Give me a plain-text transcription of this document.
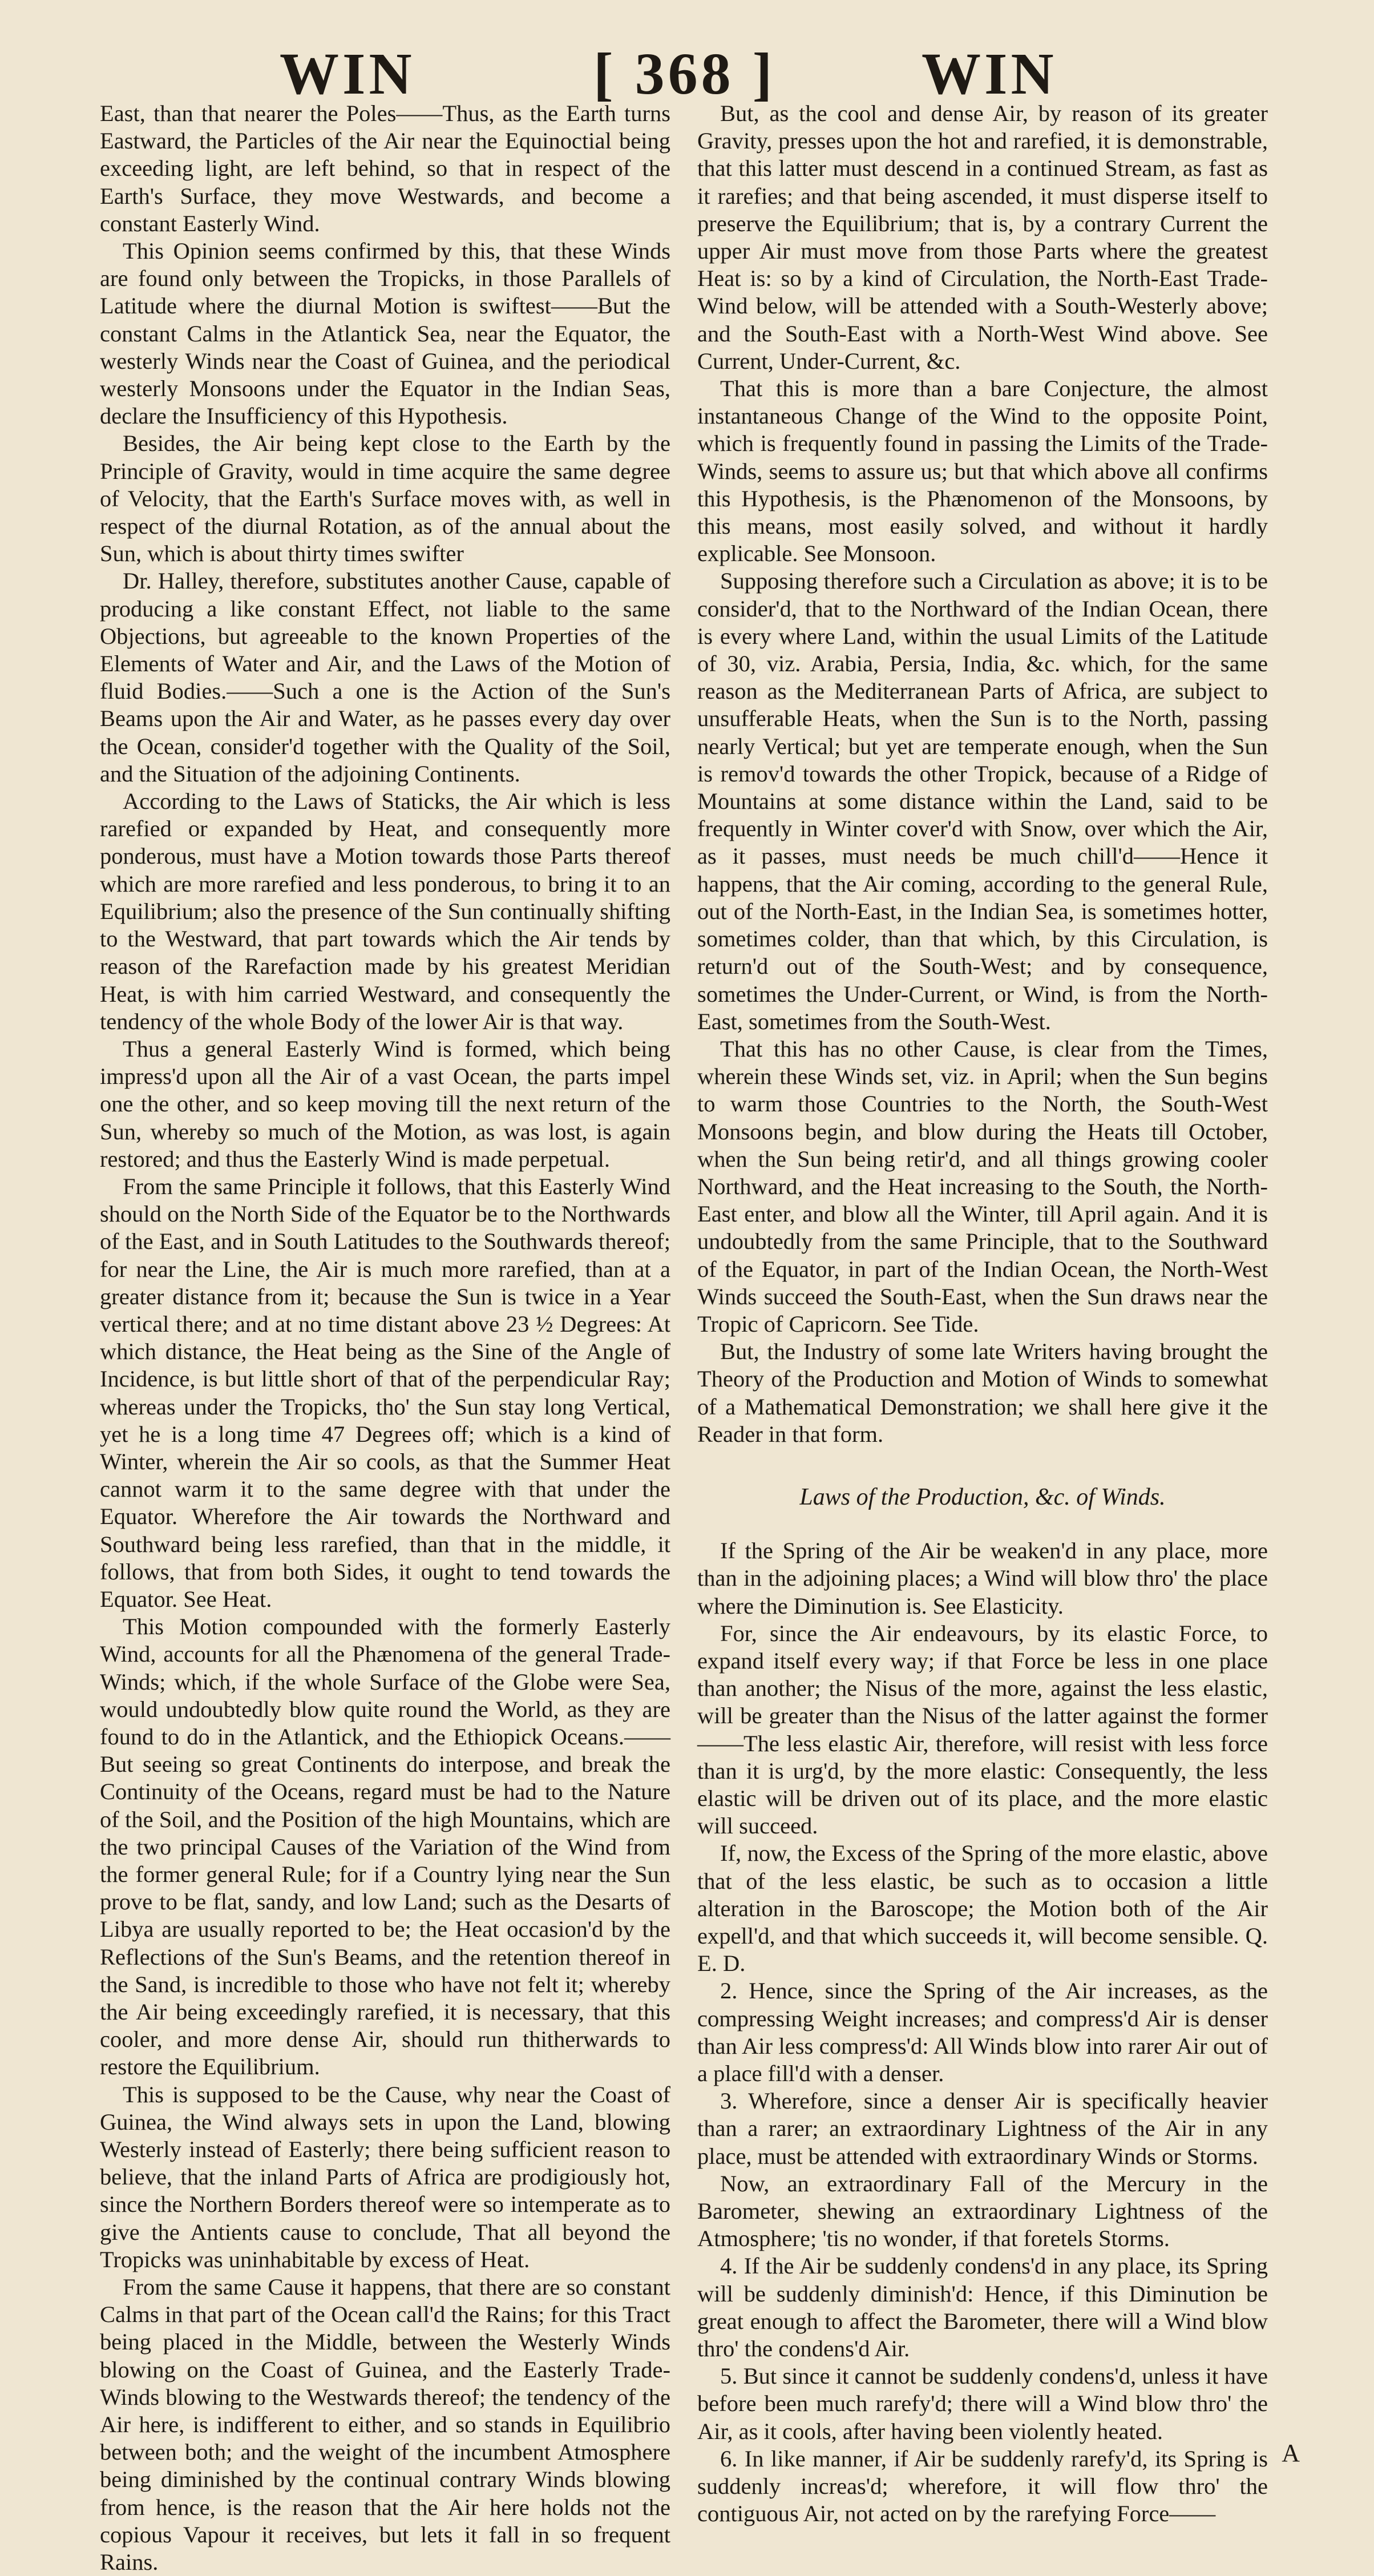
WIN	[ 368 ] WIN

East, than that nearer the Poles——Thus, as the Earth turns Eastward, the Particles of the Air near the Equinoctial being exceeding light, are left behind, so that in respect of the Earth's Surface, they move Westwards, and become a constant Easterly Wind.

This Opinion seems confirmed by this, that these Winds are found only between the Tropicks, in those Parallels of Latitude where the diurnal Motion is swiftest——But the constant Calms in the Atlantick Sea, near the Equator, the westerly Winds near the Coast of Guinea, and the periodical westerly Monsoons under the Equator in the Indian Seas, declare the Insufficiency of this Hypothesis.

Besides, the Air being kept close to the Earth by the Principle of Gravity, would in time acquire the same degree of Velocity, that the Earth's Surface moves with, as well in respect of the diurnal Rotation, as of the annual about the Sun, which is about thirty times swifter

Dr. Halley, therefore, substitutes another Cause, capable of producing a like constant Effect, not liable to the same Objections, but agreeable to the known Properties of the Elements of Water and Air, and the Laws of the Motion of fluid Bodies.——Such a one is the Action of the Sun's Beams upon the Air and Water, as he passes every day over the Ocean, consider'd together with the Quality of the Soil, and the Situation of the adjoining Continents.

According to the Laws of Staticks, the Air which is less rarefied or expanded by Heat, and consequently more ponderous, must have a Motion towards those Parts thereof which are more rarefied and less ponderous, to bring it to an Equilibrium; also the presence of the Sun continually shifting to the Westward, that part towards which the Air tends by reason of the Rarefaction made by his greatest Meridian Heat, is with him carried Westward, and consequently the tendency of the whole Body of the lower Air is that way.

Thus a general Easterly Wind is formed, which being impress'd upon all the Air of a vast Ocean, the parts impel one the other, and so keep moving till the next return of the Sun, whereby so much of the Motion, as was lost, is again restored; and thus the Easterly Wind is made perpetual.

From the same Principle it follows, that this Easterly Wind should on the North Side of the Equator be to the Northwards of the East, and in South Latitudes to the Southwards thereof; for near the Line, the Air is much more rarefied, than at a greater distance from it; because the Sun is twice in a Year vertical there; and at no time distant above 23 ½ Degrees: At which distance, the Heat being as the Sine of the Angle of Incidence, is but little short of that of the perpendicular Ray; whereas under the Tropicks, tho' the Sun stay long Vertical, yet he is a long time 47 Degrees off; which is a kind of Winter, wherein the Air so cools, as that the Summer Heat cannot warm it to the same degree with that under the Equator. Wherefore the Air towards the Northward and Southward being less rarefied, than that in the middle, it follows, that from both Sides, it ought to tend towards the Equator. See Heat.

This Motion compounded with the formerly Easterly Wind, accounts for all the Phænomena of the general Trade-Winds; which, if the whole Surface of the Globe were Sea, would undoubtedly blow quite round the World, as they are found to do in the Atlantick, and the Ethiopick Oceans.——But seeing so great Continents do interpose, and break the Continuity of the Oceans, regard must be had to the Nature of the Soil, and the Position of the high Mountains, which are the two principal Causes of the Variation of the Wind from the former general Rule; for if a Country lying near the Sun prove to be flat, sandy, and low Land; such as the Desarts of Libya are usually reported to be; the Heat occasion'd by the Reflections of the Sun's Beams, and the retention thereof in the Sand, is incredible to those who have not felt it; whereby the Air being exceedingly rarefied, it is necessary, that this cooler, and more dense Air, should run thitherwards to restore the Equilibrium.

This is supposed to be the Cause, why near the Coast of Guinea, the Wind always sets in upon the Land, blowing Westerly instead of Easterly; there being sufficient reason to believe, that the inland Parts of Africa are prodigiously hot, since the Northern Borders thereof were so intemperate as to give the Antients cause to conclude, That all beyond the Tropicks was uninhabitable by excess of Heat.

From the same Cause it happens, that there are so constant Calms in that part of the Ocean call'd the Rains; for this Tract being placed in the Middle, between the Westerly Winds blowing on the Coast of Guinea, and the Easterly Trade-Winds blowing to the Westwards thereof; the tendency of the Air here, is indifferent to either, and so stands in Equilibrio between both; and the weight of the incumbent Atmosphere being diminished by the continual contrary Winds blowing from hence, is the reason that the Air here holds not the copious Vapour it receives, but lets it fall in so frequent Rains.

But, as the cool and dense Air, by reason of its greater Gravity, presses upon the hot and rarefied, it is demonstrable, that this latter must descend in a continued Stream, as fast as it rarefies; and that being ascended, it must disperse itself to preserve the Equilibrium; that is, by a contrary Current the upper Air must move from those Parts where the greatest Heat is: so by a kind of Circulation, the North-East Trade-Wind below, will be attended with a South-Westerly above; and the South-East with a North-West Wind above. See Current, Under-Current, &c.

That this is more than a bare Conjecture, the almost instantaneous Change of the Wind to the opposite Point, which is frequently found in passing the Limits of the Trade-Winds, seems to assure us; but that which above all confirms this Hypothesis, is the Phænomenon of the Monsoons, by this means, most easily solved, and without it hardly explicable. See Monsoon.

Supposing therefore such a Circulation as above; it is to be consider'd, that to the Northward of the Indian Ocean, there is every where Land, within the usual Limits of the Latitude of 30, viz. Arabia, Persia, India, &c. which, for the same reason as the Mediterranean Parts of Africa, are subject to unsufferable Heats, when the Sun is to the North, passing nearly Vertical; but yet are temperate enough, when the Sun is remov'd towards the other Tropick, because of a Ridge of Mountains at some distance within the Land, said to be frequently in Winter cover'd with Snow, over which the Air, as it passes, must needs be much chill'd——Hence it happens, that the Air coming, according to the general Rule, out of the North-East, in the Indian Sea, is sometimes hotter, sometimes colder, than that which, by this Circulation, is return'd out of the South-West; and by consequence, sometimes the Under-Current, or Wind, is from the North-East, sometimes from the South-West.

That this has no other Cause, is clear from the Times, wherein these Winds set, viz. in April; when the Sun begins to warm those Countries to the North, the South-West Monsoons begin, and blow during the Heats till October, when the Sun being retir'd, and all things growing cooler Northward, and the Heat increasing to the South, the North-East enter, and blow all the Winter, till April again. And it is undoubtedly from the same Principle, that to the Southward of the Equator, in part of the Indian Ocean, the North-West Winds succeed the South-East, when the Sun draws near the Tropic of Capricorn. See Tide.

But, the Industry of some late Writers having brought the Theory of the Production and Motion of Winds to somewhat of a Mathematical Demonstration; we shall here give it the Reader in that form.

Laws of the Production, &c. of Winds.

If the Spring of the Air be weaken'd in any place, more than in the adjoining places; a Wind will blow thro' the place where the Diminution is. See Elasticity.

For, since the Air endeavours, by its elastic Force, to expand itself every way; if that Force be less in one place than another; the Nisus of the more, against the less elastic, will be greater than the Nisus of the latter against the former——The less elastic Air, therefore, will resist with less force than it is urg'd, by the more elastic: Consequently, the less elastic will be driven out of its place, and the more elastic will succeed.

If, now, the Excess of the Spring of the more elastic, above that of the less elastic, be such as to occasion a little alteration in the Baroscope; the Motion both of the Air expell'd, and that which succeeds it, will become sensible. Q. E. D.

2. Hence, since the Spring of the Air increases, as the compressing Weight increases; and compress'd Air is denser than Air less compress'd: All Winds blow into rarer Air out of a place fill'd with a denser.

3. Wherefore, since a denser Air is specifically heavier than a rarer; an extraordinary Lightness of the Air in any place, must be attended with extraordinary Winds or Storms.

Now, an extraordinary Fall of the Mercury in the Barometer, shewing an extraordinary Lightness of the Atmosphere; 'tis no wonder, if that foretels Storms.

4. If the Air be suddenly condens'd in any place, its Spring will be suddenly diminish'd: Hence, if this Diminution be great enough to affect the Barometer, there will a Wind blow thro' the condens'd Air.

5. But since it cannot be suddenly condens'd, unless it have before been much rarefy'd; there will a Wind blow thro' the Air, as it cools, after having been violently heated.

6. In like manner, if Air be suddenly rarefy'd, its Spring is suddenly increas'd; wherefore, it will flow thro' the contiguous Air, not acted on by the rarefying Force——

A
